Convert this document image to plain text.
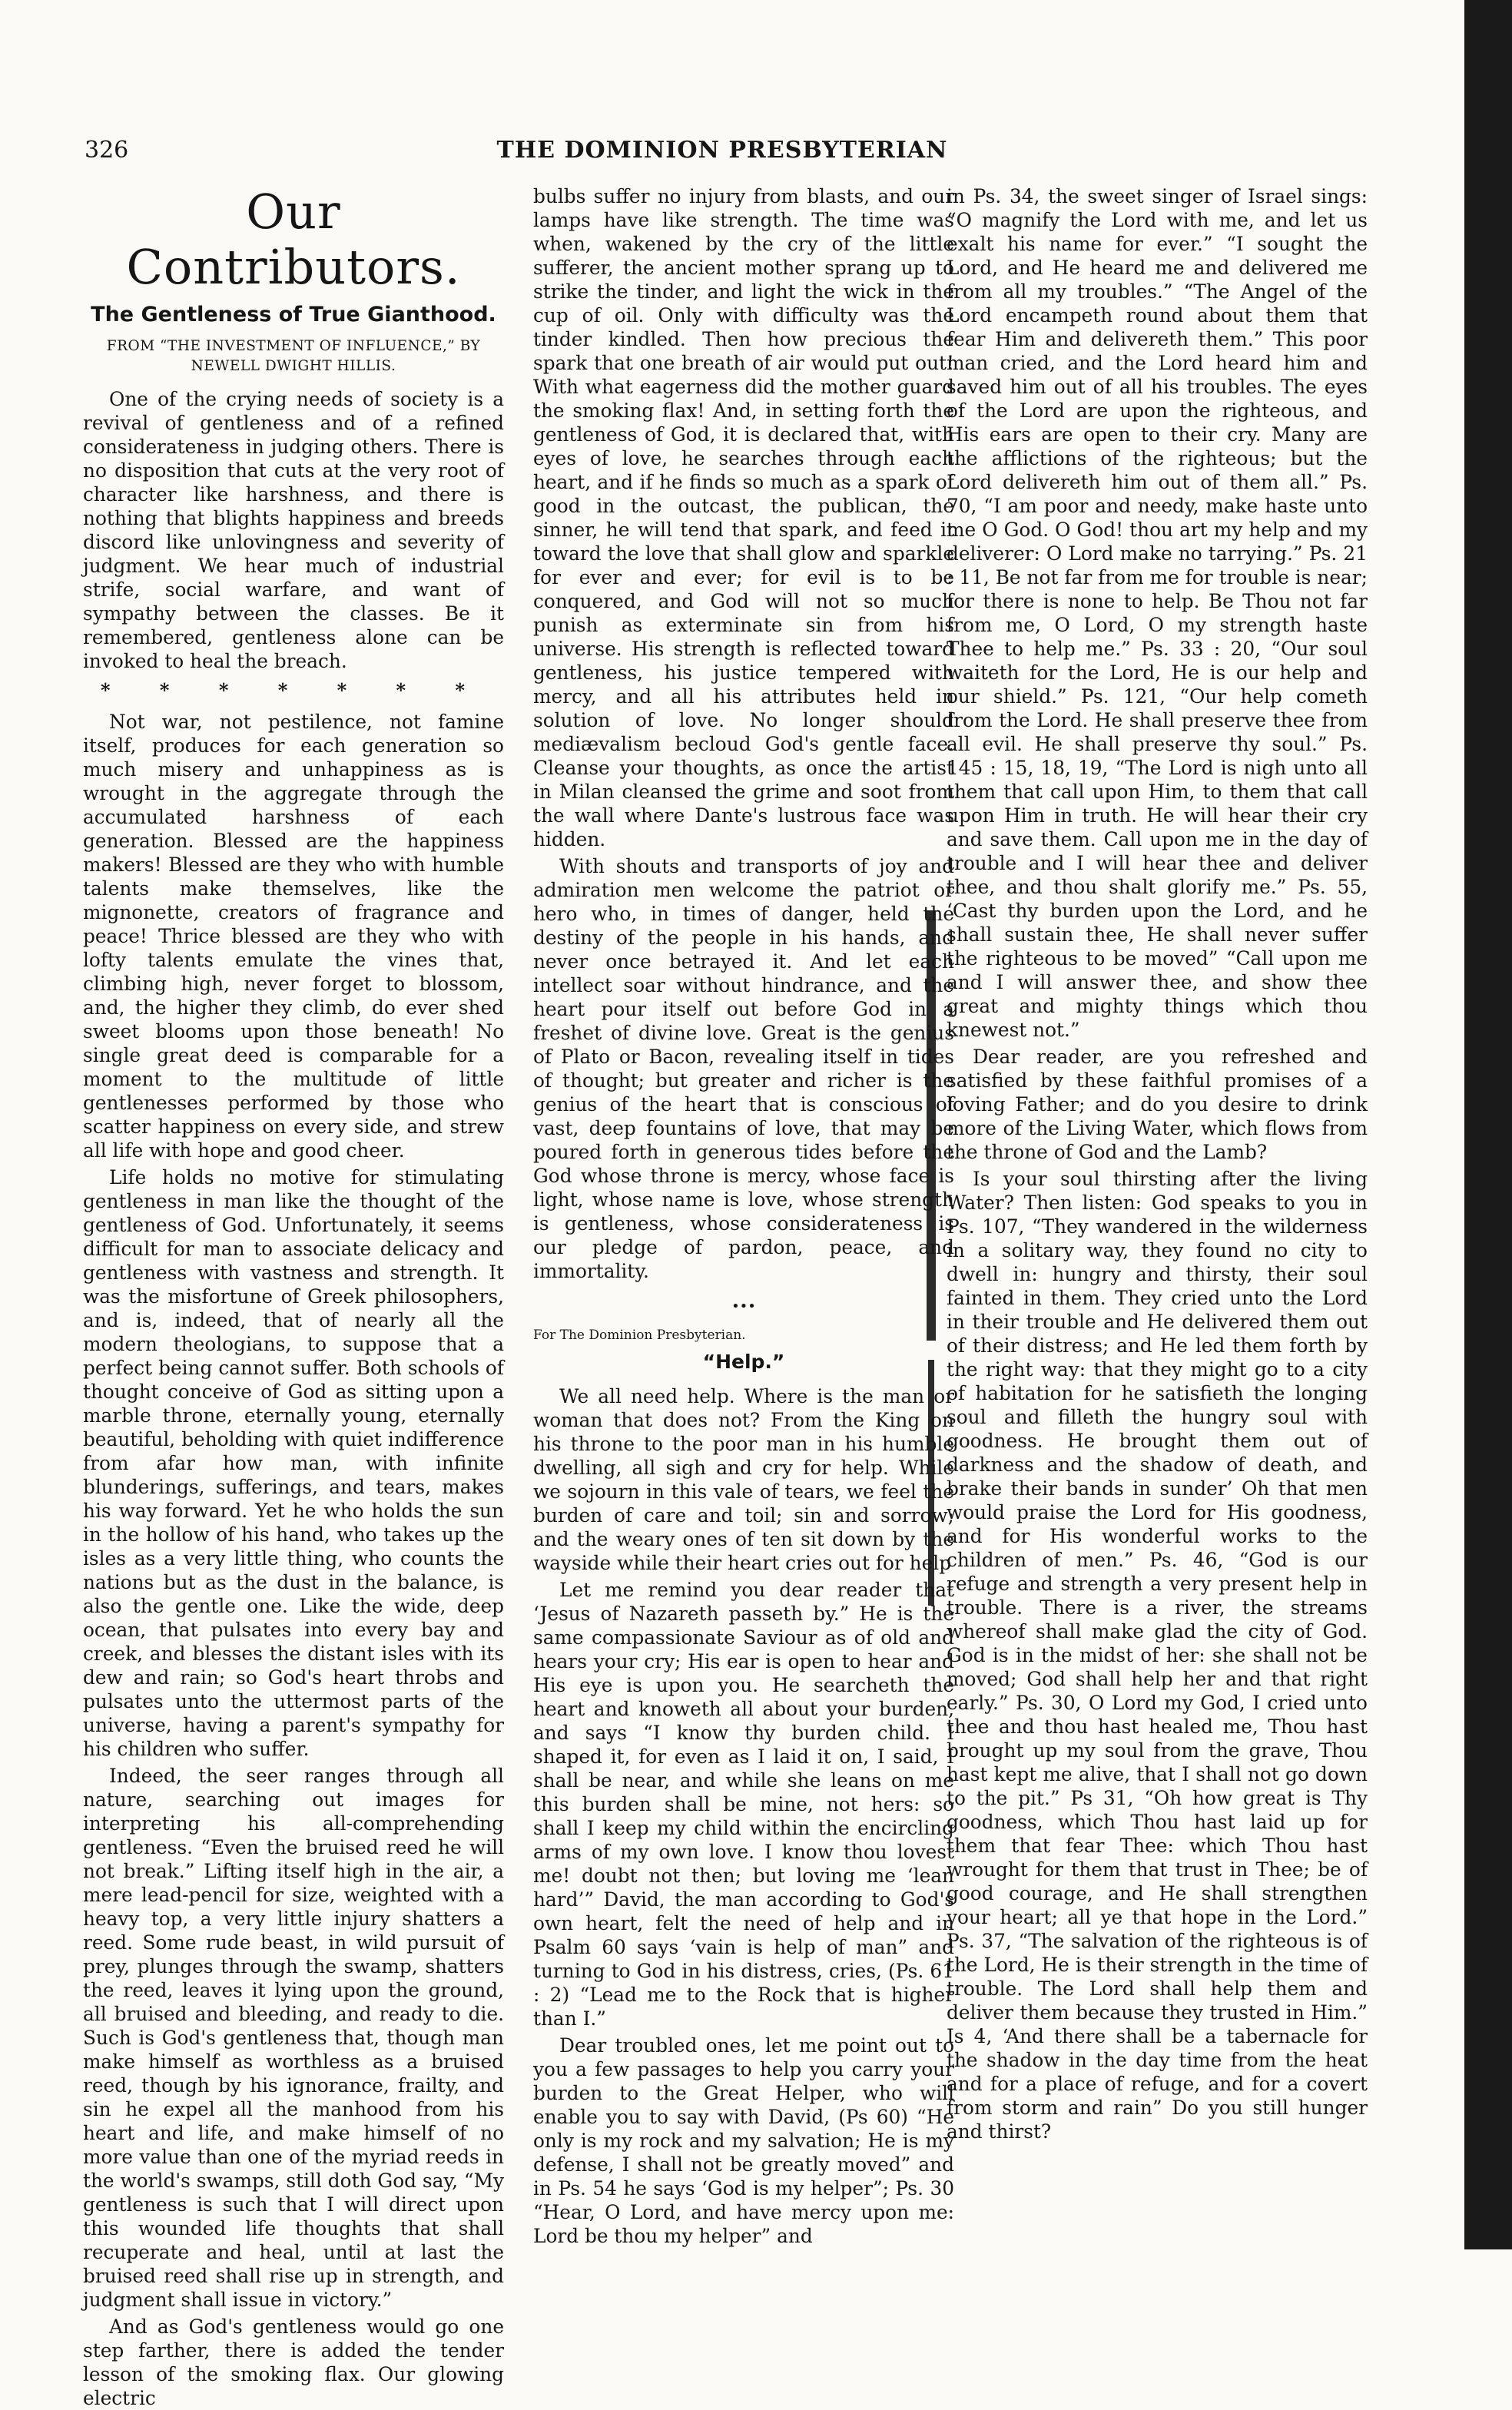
326	THE DOMINION PRESBYTERIAN
Our Contributors.
The Gentleness of True Gianthood.
FROM “THE INVESTMENT OF INFLUENCE,” BY NEWELL DWIGHT HILLIS.

One of the crying needs of society is a revival of gentleness and of a refined considerateness in judging others. There is no disposition that cuts at the very root of character like harshness, and there is nothing that blights happiness and breeds discord like unlovingness and severity of judgment. We hear much of industrial strife, social warfare, and want of sympathy between the classes. Be it remembered, gentleness alone can be invoked to heal the breach.

* * * * * * *

Not war, not pestilence, not famine itself, produces for each generation so much misery and unhappiness as is wrought in the aggregate through the accumulated harshness of each generation. Blessed are the happiness makers! Blessed are they who with humble talents make themselves, like the mignonette, creators of fragrance and peace! Thrice blessed are they who with lofty talents emulate the vines that, climbing high, never forget to blossom, and, the higher they climb, do ever shed sweet blooms upon those beneath! No single great deed is comparable for a moment to the multitude of little gentlenesses performed by those who scatter happiness on every side, and strew all life with hope and good cheer.

Life holds no motive for stimulating gentleness in man like the thought of the gentleness of God. Unfortunately, it seems difficult for man to associate delicacy and gentleness with vastness and strength. It was the misfortune of Greek philosophers, and is, indeed, that of nearly all the modern theologians, to suppose that a perfect being cannot suffer. Both schools of thought conceive of God as sitting upon a marble throne, eternally young, eternally beautiful, beholding with quiet indifference from afar how man, with infinite blunderings, sufferings, and tears, makes his way forward. Yet he who holds the sun in the hollow of his hand, who takes up the isles as a very little thing, who counts the nations but as the dust in the balance, is also the gentle one. Like the wide, deep ocean, that pulsates into every bay and creek, and blesses the distant isles with its dew and rain; so God's heart throbs and pulsates unto the uttermost parts of the universe, having a parent's sympathy for his children who suffer.

Indeed, the seer ranges through all nature, searching out images for interpreting his all-comprehending gentleness. “Even the bruised reed he will not break.” Lifting itself high in the air, a mere lead-pencil for size, weighted with a heavy top, a very little injury shatters a reed. Some rude beast, in wild pursuit of prey, plunges through the swamp, shatters the reed, leaves it lying upon the ground, all bruised and bleeding, and ready to die. Such is God's gentleness that, though man make himself as worthless as a bruised reed, though by his ignorance, frailty, and sin he expel all the manhood from his heart and life, and make himself of no more value than one of the myriad reeds in the world's swamps, still doth God say, “My gentleness is such that I will direct upon this wounded life thoughts that shall recuperate and heal, until at last the bruised reed shall rise up in strength, and judgment shall issue in victory.”

And as God's gentleness would go one step farther, there is added the tender lesson of the smoking flax. Our glowing electric

bulbs suffer no injury from blasts, and our lamps have like strength. The time was when, wakened by the cry of the little sufferer, the ancient mother sprang up to strike the tinder, and light the wick in the cup of oil. Only with difficulty was the tinder kindled. Then how precious the spark that one breath of air would put out! With what eagerness did the mother guard the smoking flax! And, in setting forth the gentleness of God, it is declared that, with eyes of love, he searches through each heart, and if he finds so much as a spark of good in the outcast, the publican, the sinner, he will tend that spark, and feed it toward the love that shall glow and sparkle for ever and ever; for evil is to be conquered, and God will not so much punish as exterminate sin from his universe. His strength is reflected toward gentleness, his justice tempered with mercy, and all his attributes held in solution of love. No longer should mediævalism becloud God's gentle face. Cleanse your thoughts, as once the artist in Milan cleansed the grime and soot from the wall where Dante's lustrous face was hidden.

With shouts and transports of joy and admiration men welcome the patriot or hero who, in times of danger, held the destiny of the people in his hands, and never once betrayed it. And let each intellect soar without hindrance, and the heart pour itself out before God in a freshet of divine love. Great is the genius of Plato or Bacon, revealing itself in tides of thought; but greater and richer is the genius of the heart that is conscious of vast, deep fountains of love, that may be poured forth in generous tides before the God whose throne is mercy, whose face is light, whose name is love, whose strength is gentleness, whose considerateness is our pledge of pardon, peace, and immortality.

•••
For The Dominion Presbyterian.
“Help.”

We all need help. Where is the man or woman that does not? From the King on his throne to the poor man in his humble dwelling, all sigh and cry for help. While we sojourn in this vale of tears, we feel the burden of care and toil; sin and sorrow; and the weary ones of ten sit down by the wayside while their heart cries out for help

Let me remind you dear reader that ‘Jesus of Nazareth passeth by.” He is the same compassionate Saviour as of old and hears your cry; His ear is open to hear and His eye is upon you. He searcheth the heart and knoweth all about your burden, and says “I know thy burden child. I shaped it, for even as I laid it on, I said, I shall be near, and while she leans on me this burden shall be mine, not hers: so shall I keep my child within the encircling arms of my own love. I know thou lovest me! doubt not then; but loving me ‘lean hard’” David, the man according to God's own heart, felt the need of help and in Psalm 60 says ‘vain is help of man” and turning to God in his distress, cries, (Ps. 61 : 2) “Lead me to the Rock that is higher than I.”

Dear troubled ones, let me point out to you a few passages to help you carry your burden to the Great Helper, who will enable you to say with David, (Ps 60) “He only is my rock and my salvation; He is my defense, I shall not be greatly moved” and in Ps. 54 he says ‘God is my helper”; Ps. 30 “Hear, O Lord, and have mercy upon me: Lord be thou my helper” and

in Ps. 34, the sweet singer of Israel sings: “O magnify the Lord with me, and let us exalt his name for ever.” “I sought the Lord, and He heard me and delivered me from all my troubles.” “The Angel of the Lord encampeth round about them that fear Him and delivereth them.” This poor man cried, and the Lord heard him and saved him out of all his troubles. The eyes of the Lord are upon the righteous, and His ears are open to their cry. Many are the afflictions of the righteous; but the Lord delivereth him out of them all.” Ps. 70, “I am poor and needy, make haste unto me O God. O God! thou art my help and my deliverer: O Lord make no tarrying.” Ps. 21 : 11, Be not far from me for trouble is near; for there is none to help. Be Thou not far from me, O Lord, O my strength haste Thee to help me.” Ps. 33 : 20, “Our soul waiteth for the Lord, He is our help and our shield.” Ps. 121, “Our help cometh from the Lord. He shall preserve thee from all evil. He shall preserve thy soul.” Ps. 145 : 15, 18, 19, “The Lord is nigh unto all them that call upon Him, to them that call upon Him in truth. He will hear their cry and save them. Call upon me in the day of trouble and I will hear thee and deliver thee, and thou shalt glorify me.” Ps. 55, ‘Cast thy burden upon the Lord, and he shall sustain thee, He shall never suffer the righteous to be moved” “Call upon me and I will answer thee, and show thee great and mighty things which thou knewest not.”

Dear reader, are you refreshed and satisfied by these faithful promises of a loving Father; and do you desire to drink more of the Living Water, which flows from the throne of God and the Lamb?

Is your soul thirsting after the living Water? Then listen: God speaks to you in Ps. 107, “They wandered in the wilderness in a solitary way, they found no city to dwell in: hungry and thirsty, their soul fainted in them. They cried unto the Lord in their trouble and He delivered them out of their distress; and He led them forth by the right way: that they might go to a city of habitation for he satisfieth the longing soul and filleth the hungry soul with goodness. He brought them out of darkness and the shadow of death, and brake their bands in sunder’ Oh that men would praise the Lord for His goodness, and for His wonderful works to the children of men.” Ps. 46, “God is our refuge and strength a very present help in trouble. There is a river, the streams whereof shall make glad the city of God. God is in the midst of her: she shall not be moved; God shall help her and that right early.” Ps. 30, O Lord my God, I cried unto thee and thou hast healed me, Thou hast brought up my soul from the grave, Thou hast kept me alive, that I shall not go down to the pit.” Ps 31, “Oh how great is Thy goodness, which Thou hast laid up for them that fear Thee: which Thou hast wrought for them that trust in Thee; be of good courage, and He shall strengthen your heart; all ye that hope in the Lord.” Ps. 37, “The salvation of the righteous is of the Lord, He is their strength in the time of trouble. The Lord shall help them and deliver them because they trusted in Him.” Is 4, ‘And there shall be a tabernacle for the shadow in the day time from the heat and for a place of refuge, and for a covert from storm and rain” Do you still hunger and thirst?
